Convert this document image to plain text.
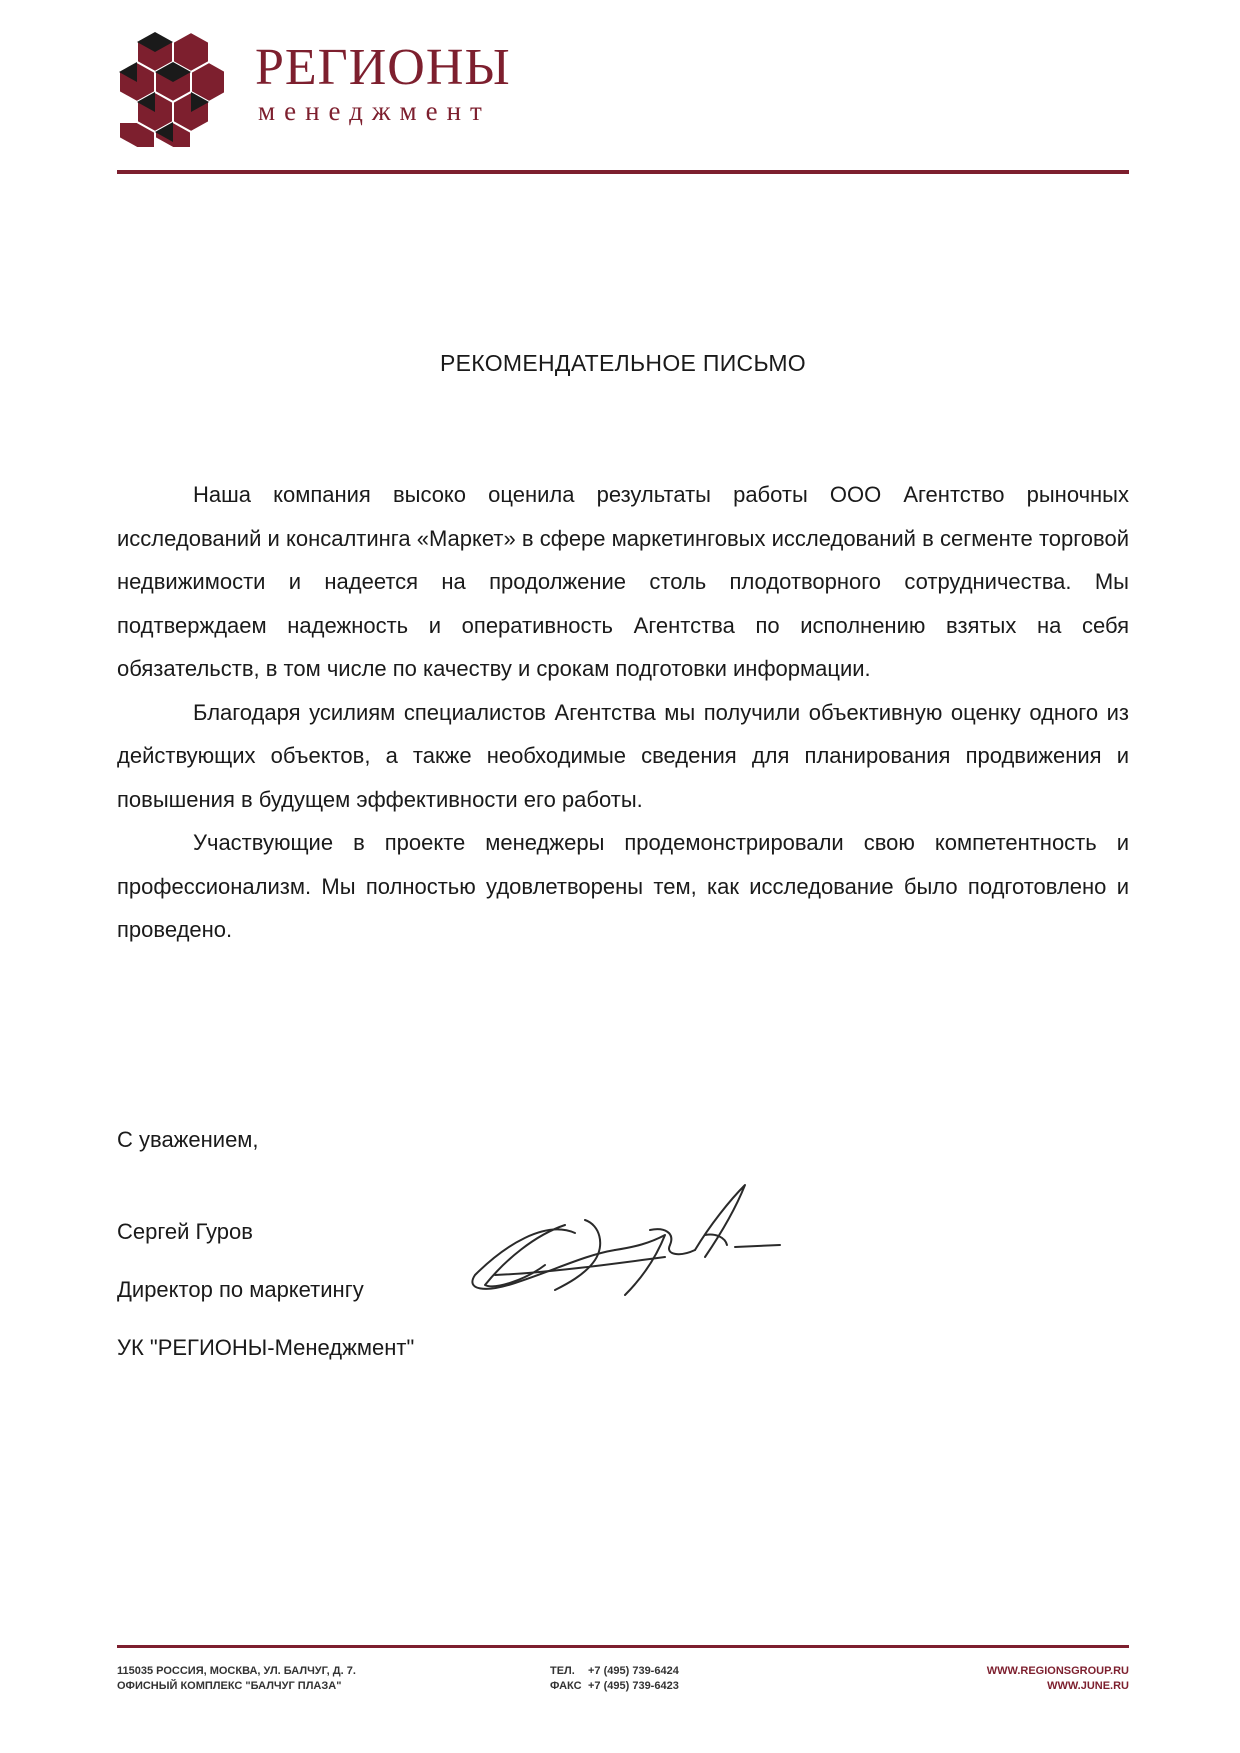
РЕГИОНЫ
менеджмент
РЕКОМЕНДАТЕЛЬНОЕ ПИСЬМО

Наша компания высоко оценила результаты работы ООО Агентство рыночных исследований и консалтинга «Маркет» в сфере маркетинговых исследований в сегменте торговой недвижимости и надеется на продолжение столь плодотворного сотрудничества. Мы подтверждаем надежность и оперативность Агентства по исполнению взятых на себя обязательств, в том числе по качеству и срокам подготовки информации.

Благодаря усилиям специалистов Агентства мы получили объективную оценку одного из действующих объектов, а также необходимые сведения для планирования продвижения и повышения в будущем эффективности его работы.

Участвующие в проекте менеджеры продемонстрировали свою компетентность и профессионализм. Мы полностью удовлетворены тем, как исследование было подготовлено и проведено.

С уважением,
Сергей Гуров
Директор по маркетингу
УК "РЕГИОНЫ-Менеджмент"
115035 РОССИЯ, МОСКВА, УЛ. БАЛЧУГ, Д. 7.
ОФИСНЫЙ КОМПЛЕКС "БАЛЧУГ ПЛАЗА"
ТЕЛ. +7 (495) 739-6424
ФАКС +7 (495) 739-6423
WWW.REGIONSGROUP.RU
WWW.JUNE.RU
